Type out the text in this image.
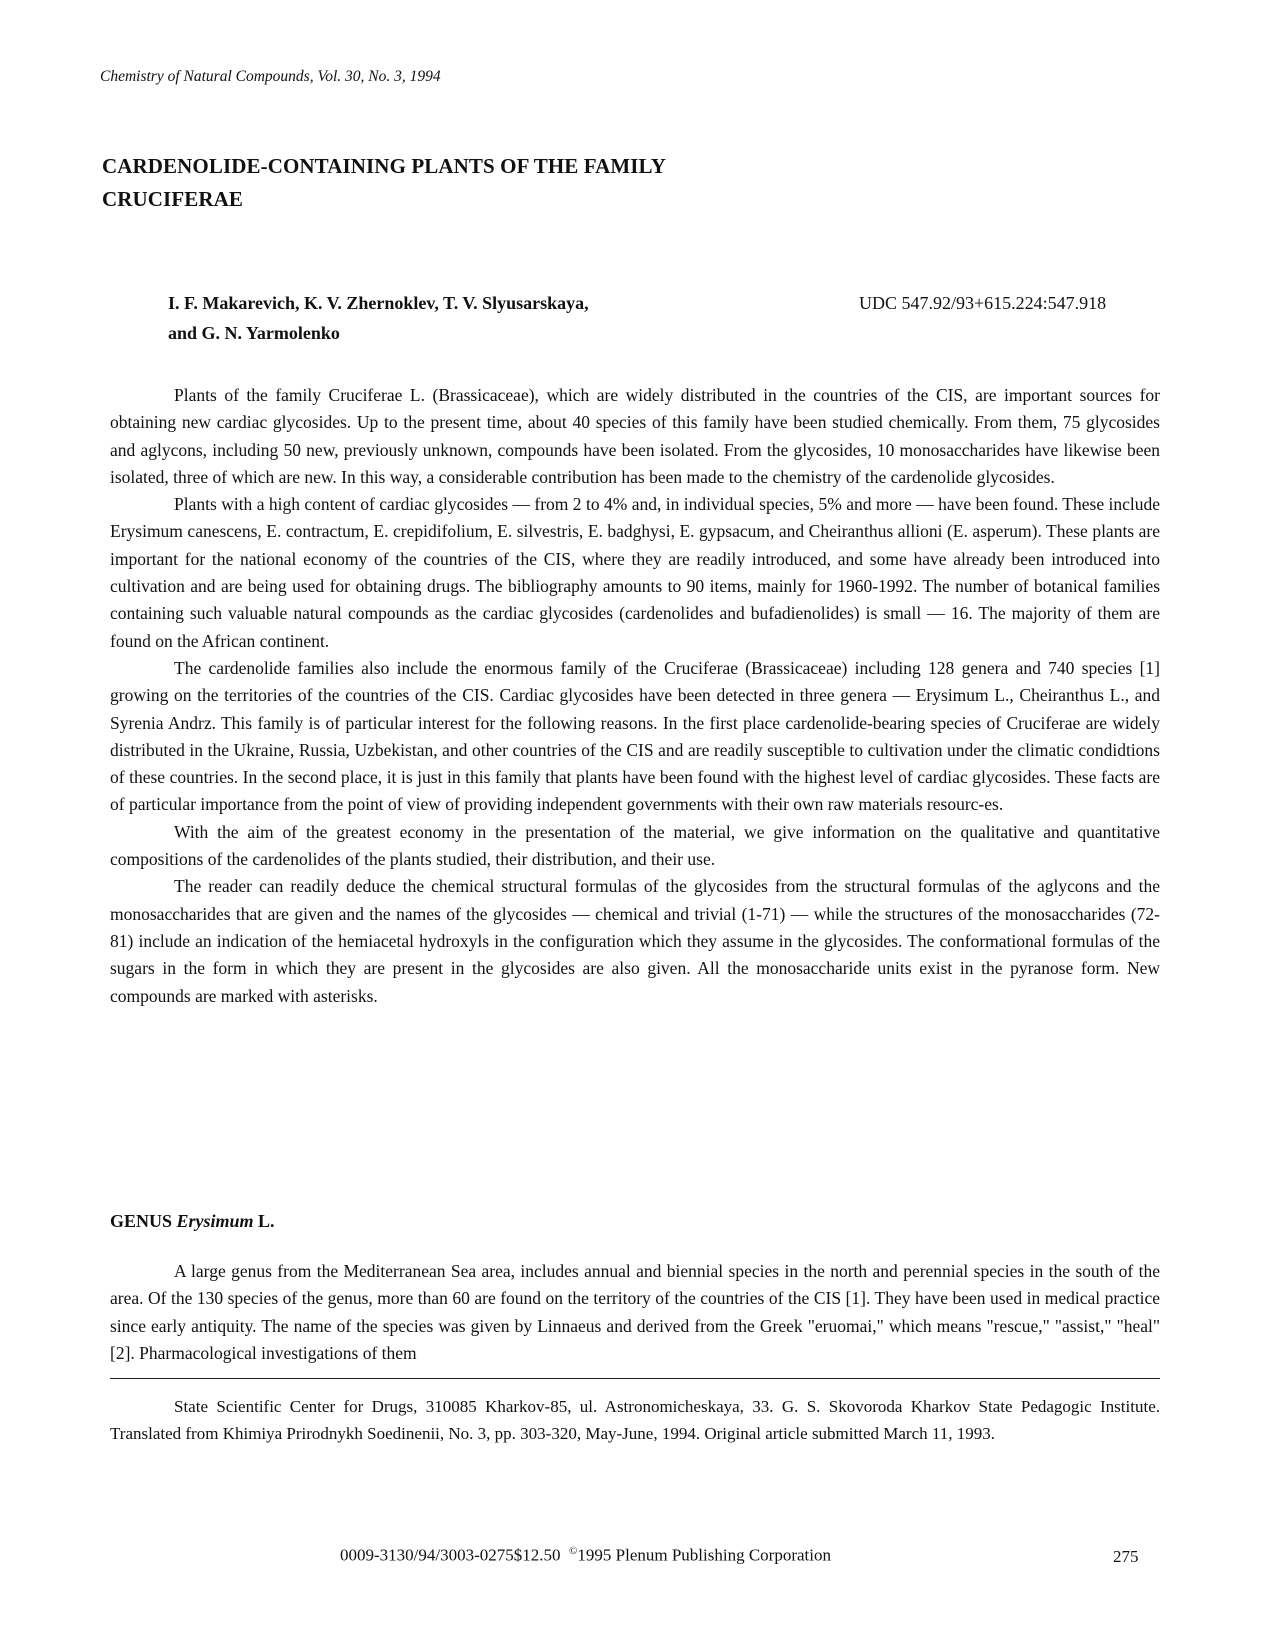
Chemistry of Natural Compounds, Vol. 30, No. 3, 1994
CARDENOLIDE-CONTAINING PLANTS OF THE FAMILY
CRUCIFERAE
I. F. Makarevich, K. V. Zhernoklev, T. V. Slyusarskaya,
and G. N. Yarmolenko
UDC 547.92/93+615.224:547.918

Plants of the family Cruciferae L. (Brassicaceae), which are widely distributed in the countries of the CIS, are important sources for obtaining new cardiac glycosides. Up to the present time, about 40 species of this family have been studied chemically. From them, 75 glycosides and aglycons, including 50 new, previously unknown, compounds have been isolated. From the glycosides, 10 monosaccharides have likewise been isolated, three of which are new. In this way, a considerable contribution has been made to the chemistry of the cardenolide glycosides.

Plants with a high content of cardiac glycosides — from 2 to 4% and, in individual species, 5% and more — have been found. These include Erysimum canescens, E. contractum, E. crepidifolium, E. silvestris, E. badghysi, E. gypsacum, and Cheiranthus allioni (E. asperum). These plants are important for the national economy of the countries of the CIS, where they are readily introduced, and some have already been introduced into cultivation and are being used for obtaining drugs. The bibliography amounts to 90 items, mainly for 1960-1992. The number of botanical families containing such valuable natural compounds as the cardiac glycosides (cardenolides and bufadienolides) is small — 16. The majority of them are found on the African continent.

The cardenolide families also include the enormous family of the Cruciferae (Brassicaceae) including 128 genera and 740 species [1] growing on the territories of the countries of the CIS. Cardiac glycosides have been detected in three genera — Erysimum L., Cheiranthus L., and Syrenia Andrz. This family is of particular interest for the following reasons. In the first place cardenolide-bearing species of Cruciferae are widely distributed in the Ukraine, Russia, Uzbekistan, and other countries of the CIS and are readily susceptible to cultivation under the climatic condidtions of these countries. In the second place, it is just in this family that plants have been found with the highest level of cardiac glycosides. These facts are of particular importance from the point of view of providing independent governments with their own raw materials resourc-es.

With the aim of the greatest economy in the presentation of the material, we give information on the qualitative and quantitative compositions of the cardenolides of the plants studied, their distribution, and their use.

The reader can readily deduce the chemical structural formulas of the glycosides from the structural formulas of the aglycons and the monosaccharides that are given and the names of the glycosides — chemical and trivial (1-71) — while the structures of the monosaccharides (72-81) include an indication of the hemiacetal hydroxyls in the configuration which they assume in the glycosides. The conformational formulas of the sugars in the form in which they are present in the glycosides are also given. All the monosaccharide units exist in the pyranose form. New compounds are marked with asterisks.

GENUS Erysimum L.

A large genus from the Mediterranean Sea area, includes annual and biennial species in the north and perennial species in the south of the area. Of the 130 species of the genus, more than 60 are found on the territory of the countries of the CIS [1]. They have been used in medical practice since early antiquity. The name of the species was given by Linnaeus and derived from the Greek "eruomai," which means "rescue," "assist," "heal" [2]. Pharmacological investigations of them

State Scientific Center for Drugs, 310085 Kharkov-85, ul. Astronomicheskaya, 33. G. S. Skovoroda Kharkov State Pedagogic Institute. Translated from Khimiya Prirodnykh Soedinenii, No. 3, pp. 303-320, May-June, 1994. Original article submitted March 11, 1993.

0009-3130/94/3003-0275$12.50 ©1995 Plenum Publishing Corporation	275
